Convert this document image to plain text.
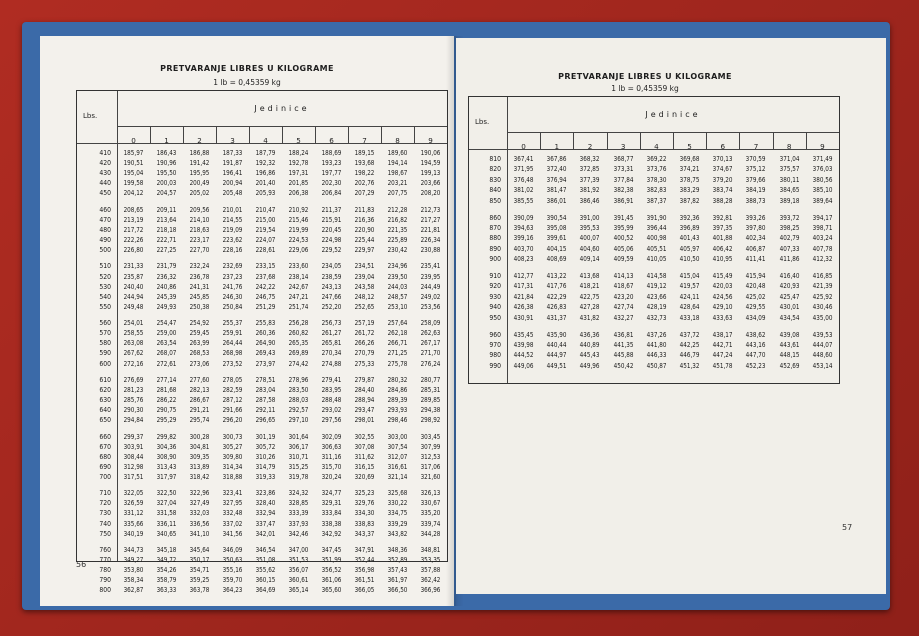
PRETVARANJE LIBRES U KILOGRAME
1 lb = 0,45359 kg
Lbs.
Jedinice
0	1	2	3	4	5	6	7	8	9
410	185,97	186,43	186,88	187,33	187,79	188,24	188,69	189,15	189,60	190,06
420	190,51	190,96	191,42	191,87	192,32	192,78	193,23	193,68	194,14	194,59
430	195,04	195,50	195,95	196,41	196,86	197,31	197,77	198,22	198,67	199,13
440	199,58	200,03	200,49	200,94	201,40	201,85	202,30	202,76	203,21	203,66
450	204,12	204,57	205,02	205,48	205,93	206,38	206,84	207,29	207,75	208,20
460	208,65	209,11	209,56	210,01	210,47	210,92	211,37	211,83	212,28	212,73
470	213,19	213,64	214,10	214,55	215,00	215,46	215,91	216,36	216,82	217,27
480	217,72	218,18	218,63	219,09	219,54	219,99	220,45	220,90	221,35	221,81
490	222,26	222,71	223,17	223,62	224,07	224,53	224,98	225,44	225,89	226,34
500	226,80	227,25	227,70	228,16	228,61	229,06	229,52	229,97	230,42	230,88
510	231,33	231,79	232,24	232,69	233,15	233,60	234,05	234,51	234,96	235,41
520	235,87	236,32	236,78	237,23	237,68	238,14	238,59	239,04	239,50	239,95
530	240,40	240,86	241,31	241,76	242,22	242,67	243,13	243,58	244,03	244,49
540	244,94	245,39	245,85	246,30	246,75	247,21	247,66	248,12	248,57	249,02
550	249,48	249,93	250,38	250,84	251,29	251,74	252,20	252,65	253,10	253,56
560	254,01	254,47	254,92	255,37	255,83	256,28	256,73	257,19	257,64	258,09
570	258,55	259,00	259,45	259,91	260,36	260,82	261,27	261,72	262,18	262,63
580	263,08	263,54	263,99	264,44	264,90	265,35	265,81	266,26	266,71	267,17
590	267,62	268,07	268,53	268,98	269,43	269,89	270,34	270,79	271,25	271,70
600	272,16	272,61	273,06	273,52	273,97	274,42	274,88	275,33	275,78	276,24
610	276,69	277,14	277,60	278,05	278,51	278,96	279,41	279,87	280,32	280,77
620	281,23	281,68	282,13	282,59	283,04	283,50	283,95	284,40	284,86	285,31
630	285,76	286,22	286,67	287,12	287,58	288,03	288,48	288,94	289,39	289,85
640	290,30	290,75	291,21	291,66	292,11	292,57	293,02	293,47	293,93	294,38
650	294,84	295,29	295,74	296,20	296,65	297,10	297,56	298,01	298,46	298,92
660	299,37	299,82	300,28	300,73	301,19	301,64	302,09	302,55	303,00	303,45
670	303,91	304,36	304,81	305,27	305,72	306,17	306,63	307,08	307,54	307,99
680	308,44	308,90	309,35	309,80	310,26	310,71	311,16	311,62	312,07	312,53
690	312,98	313,43	313,89	314,34	314,79	315,25	315,70	316,15	316,61	317,06
700	317,51	317,97	318,42	318,88	319,33	319,78	320,24	320,69	321,14	321,60
710	322,05	322,50	322,96	323,41	323,86	324,32	324,77	325,23	325,68	326,13
720	326,59	327,04	327,49	327,95	328,40	328,85	329,31	329,76	330,22	330,67
730	331,12	331,58	332,03	332,48	332,94	333,39	333,84	334,30	334,75	335,20
740	335,66	336,11	336,56	337,02	337,47	337,93	338,38	338,83	339,29	339,74
750	340,19	340,65	341,10	341,56	342,01	342,46	342,92	343,37	343,82	344,28
760	344,73	345,18	345,64	346,09	346,54	347,00	347,45	347,91	348,36	348,81
770	349,27	349,72	350,17	350,63	351,08	351,53	351,99	352,44	352,89	353,35
780	353,80	354,26	354,71	355,16	355,62	356,07	356,52	356,98	357,43	357,88
790	358,34	358,79	359,25	359,70	360,15	360,61	361,06	361,51	361,97	362,42
800	362,87	363,33	363,78	364,23	364,69	365,14	365,60	366,05	366,50	366,96
56
PRETVARANJE LIBRES U KILOGRAME
1 lb = 0,45359 kg
Lbs.
Jedinice
0	1	2	3	4	5	6	7	8	9
810	367,41	367,86	368,32	368,77	369,22	369,68	370,13	370,59	371,04	371,49
820	371,95	372,40	372,85	373,31	373,76	374,21	374,67	375,12	375,57	376,03
830	376,48	376,94	377,39	377,84	378,30	378,75	379,20	379,66	380,11	380,56
840	381,02	381,47	381,92	382,38	382,83	383,29	383,74	384,19	384,65	385,10
850	385,55	386,01	386,46	386,91	387,37	387,82	388,28	388,73	389,18	389,64
860	390,09	390,54	391,00	391,45	391,90	392,36	392,81	393,26	393,72	394,17
870	394,63	395,08	395,53	395,99	396,44	396,89	397,35	397,80	398,25	398,71
880	399,16	399,61	400,07	400,52	400,98	401,43	401,88	402,34	402,79	403,24
890	403,70	404,15	404,60	405,06	405,51	405,97	406,42	406,87	407,33	407,78
900	408,23	408,69	409,14	409,59	410,05	410,50	410,95	411,41	411,86	412,32
910	412,77	413,22	413,68	414,13	414,58	415,04	415,49	415,94	416,40	416,85
920	417,31	417,76	418,21	418,67	419,12	419,57	420,03	420,48	420,93	421,39
930	421,84	422,29	422,75	423,20	423,66	424,11	424,56	425,02	425,47	425,92
940	426,38	426,83	427,28	427,74	428,19	428,64	429,10	429,55	430,01	430,46
950	430,91	431,37	431,82	432,27	432,73	433,18	433,63	434,09	434,54	435,00
960	435,45	435,90	436,36	436,81	437,26	437,72	438,17	438,62	439,08	439,53
970	439,98	440,44	440,89	441,35	441,80	442,25	442,71	443,16	443,61	444,07
980	444,52	444,97	445,43	445,88	446,33	446,79	447,24	447,70	448,15	448,60
990	449,06	449,51	449,96	450,42	450,87	451,32	451,78	452,23	452,69	453,14
57
